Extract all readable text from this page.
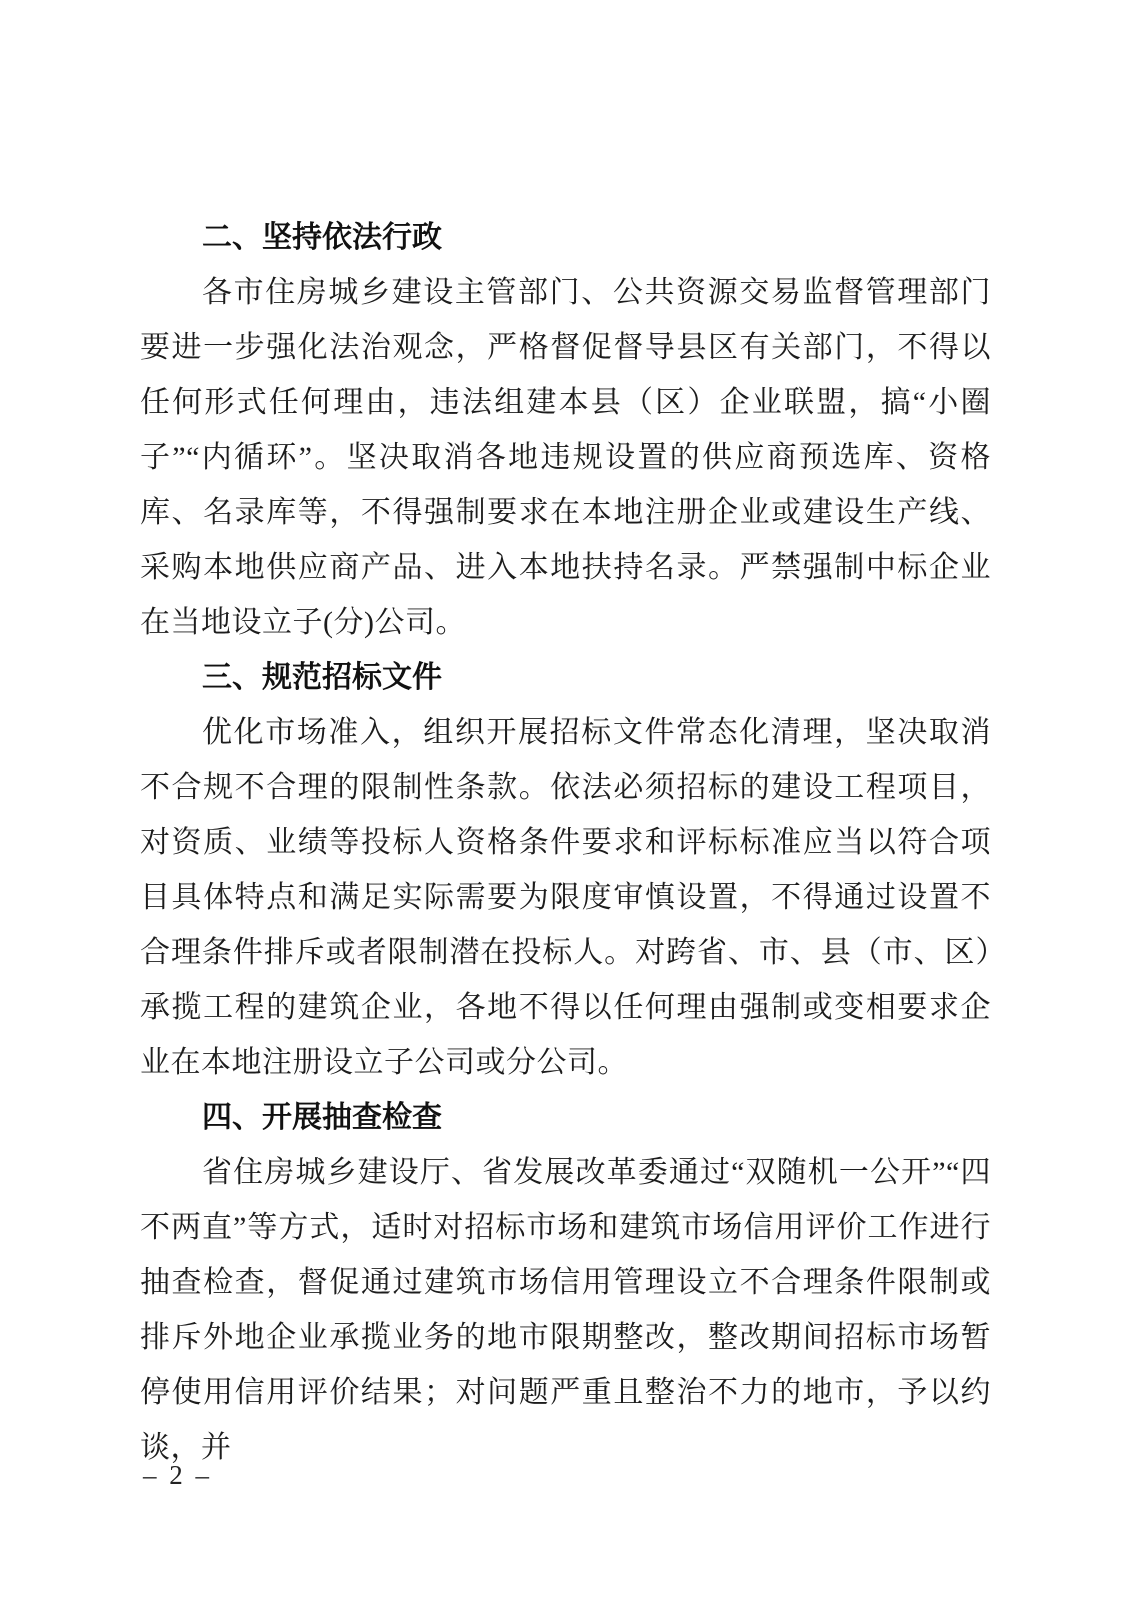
二、坚持依法行政

各市住房城乡建设主管部门、公共资源交易监督管理部门要进一步强化法治观念，严格督促督导县区有关部门，不得以任何形式任何理由，违法组建本县（区）企业联盟，搞“小圈子”“内循环”。坚决取消各地违规设置的供应商预选库、资格库、名录库等，不得强制要求在本地注册企业或建设生产线、采购本地供应商产品、进入本地扶持名录。严禁强制中标企业在当地设立子(分)公司。

三、规范招标文件

优化市场准入，组织开展招标文件常态化清理，坚决取消不合规不合理的限制性条款。依法必须招标的建设工程项目，对资质、业绩等投标人资格条件要求和评标标准应当以符合项目具体特点和满足实际需要为限度审慎设置，不得通过设置不合理条件排斥或者限制潜在投标人。对跨省、市、县（市、区）承揽工程的建筑企业，各地不得以任何理由强制或变相要求企业在本地注册设立子公司或分公司。

四、开展抽查检查

省住房城乡建设厅、省发展改革委通过“双随机一公开”“四不两直”等方式，适时对招标市场和建筑市场信用评价工作进行抽查检查，督促通过建筑市场信用管理设立不合理条件限制或排斥外地企业承揽业务的地市限期整改，整改期间招标市场暂停使用信用评价结果；对问题严重且整治不力的地市，予以约谈，并

– 2 –
